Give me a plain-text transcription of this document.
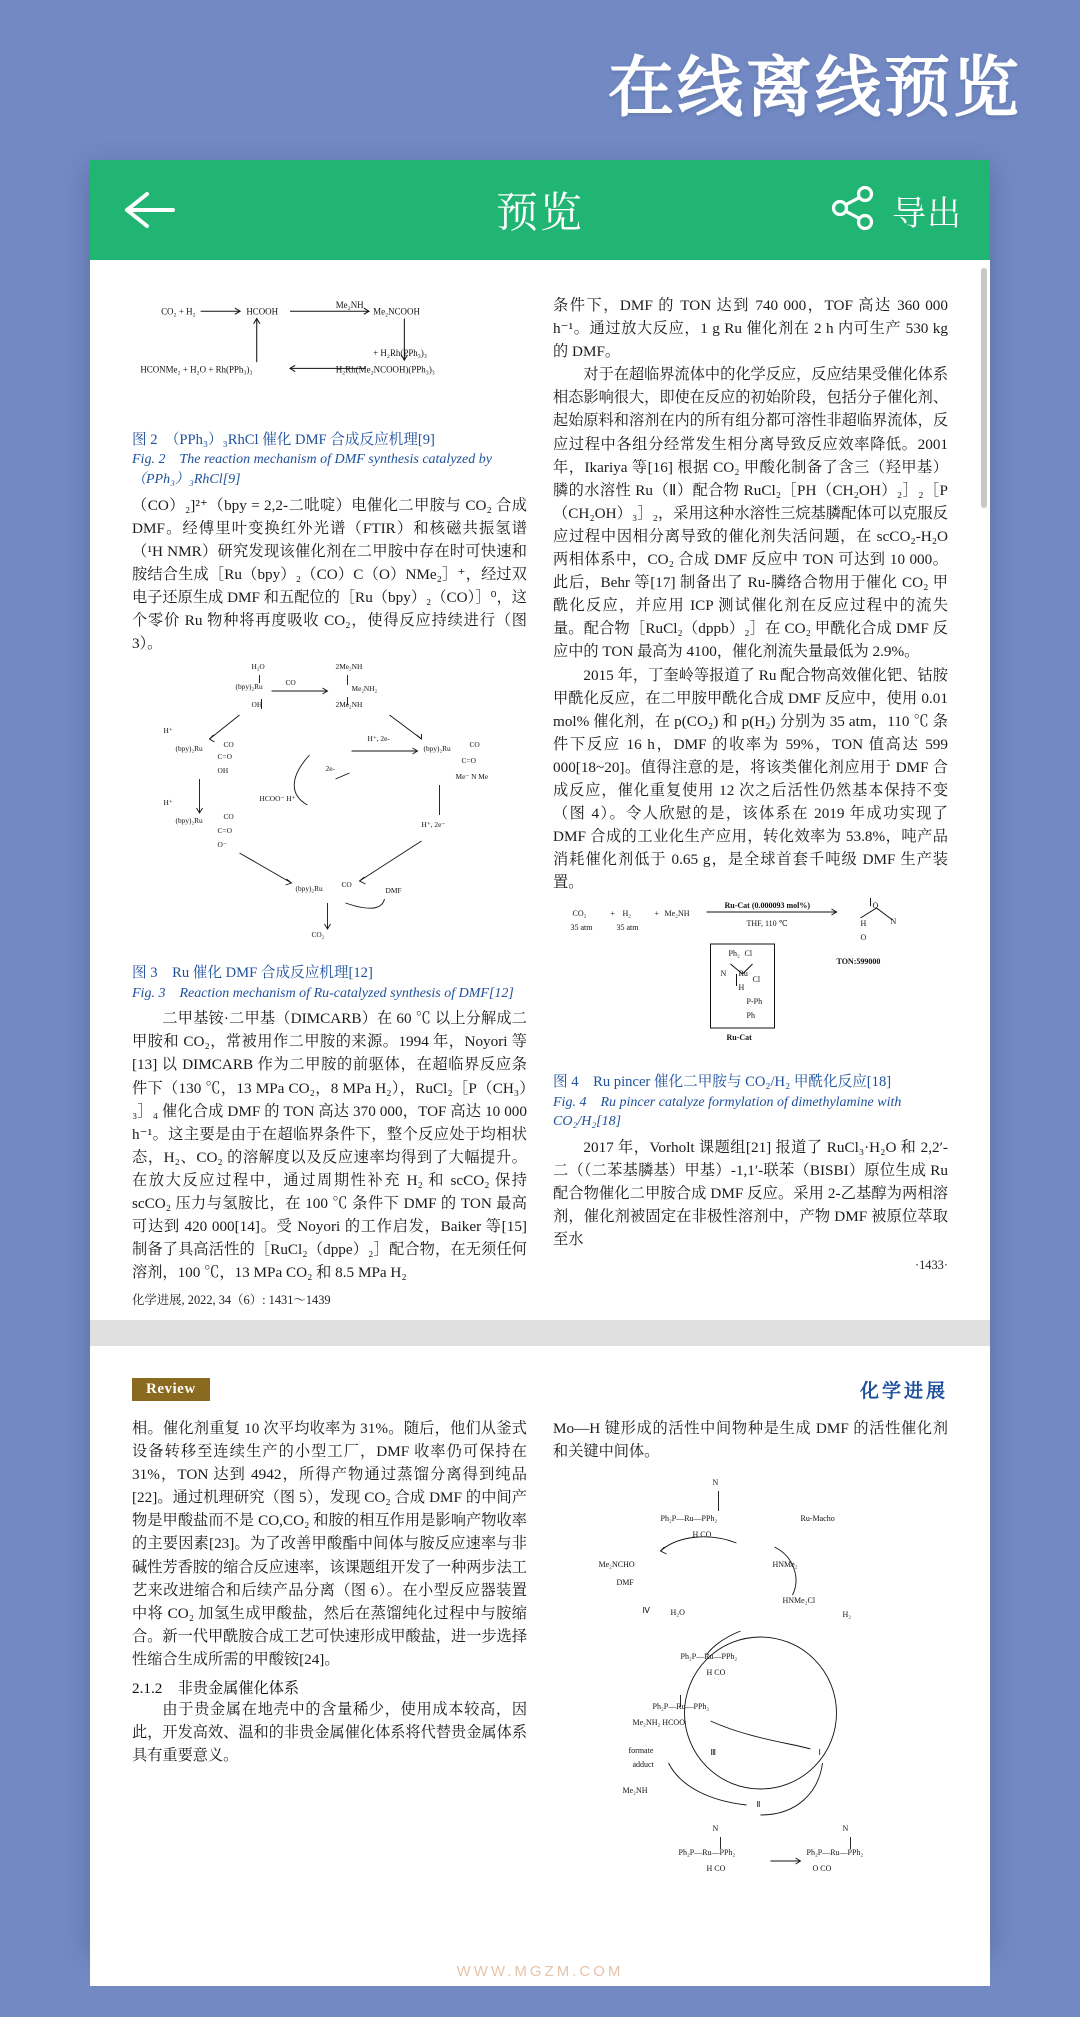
在线离线预览
预览	导出
CO₂ + H₂	HCOOH
Me₂NH
Me₂NCOOH
HCONMe₂ + H₂O + Rh(PPh₃)₃
+ H₂Rh(PPh₃)₃
H₂Rh(Me₂NCOOH)(PPh₃)₃
图 2　（PPh₃）₃RhCl 催化 DMF 合成反应机理[9]
Fig. 2　The reaction mechanism of DMF synthesis catalyzed by（PPh₃）₃RhCl[9]
（CO）₂]²⁺（bpy = 2,2-二吡啶）电催化二甲胺与 CO₂ 合成 DMF。经傅里叶变换红外光谱（FTIR）和核磁共振氢谱（¹H NMR）研究发现该催化剂在二甲胺中存在时可快速和胺结合生成［Ru（bpy）₂（CO）C（O）NMe₂］⁺，经过双电子还原生成 DMF 和五配位的［Ru（bpy）₂（CO）］⁰，这个零价 Ru 物种将再度吸收 CO₂，使得反应持续进行（图 3）。
H₂O
(bpy)₂Ru	CO
OH
2Me₂NH
Me₂NH₂
2Me₂NH
H⁺
(bpy)₂Ru	CO
C=O
OH
H⁺, 2e-
2e-
(bpy)₂Ru	CO
C=O
Me⁻ N Me
H⁺
(bpy)₂Ru	CO
C=O
O⁻
HCOO⁻ H⁺
H⁺, 2e⁻
(bpy)₂Ru	CO
DMF
CO₂
图 3　Ru 催化 DMF 合成反应机理[12]
Fig. 3　Reaction mechanism of Ru-catalyzed synthesis of DMF[12]
二甲基铵·二甲基（DIMCARB）在 60 ℃ 以上分解成二甲胺和 CO₂，常被用作二甲胺的来源。1994 年，Noyori 等[13] 以 DIMCARB 作为二甲胺的前驱体，在超临界反应条件下（130 ℃，13 MPa CO₂，8 MPa H₂），RuCl₂［P（CH₃）₃］₄ 催化合成 DMF 的 TON 高达 370 000，TOF 高达 10 000 h⁻¹。这主要是由于在超临界条件下，整个反应处于均相状态，H₂、CO₂ 的溶解度以及反应速率均得到了大幅提升。在放大反应过程中，通过周期性补充 H₂ 和 scCO₂ 保持 scCO₂ 压力与氢胺比，在 100 ℃ 条件下 DMF 的 TON 最高可达到 420 000[14]。受 Noyori 的工作启发，Baiker 等[15] 制备了具高活性的［RuCl₂（dppe）₂］配合物，在无须任何溶剂，100 ℃，13 MPa CO₂ 和 8.5 MPa H₂
化学进展, 2022, 34（6）: 1431～1439
条件下，DMF 的 TON 达到 740 000，TOF 高达 360 000 h⁻¹。通过放大反应，1 g Ru 催化剂在 2 h 内可生产 530 kg 的 DMF。
对于在超临界流体中的化学反应，反应结果受催化体系相态影响很大，即使在反应的初始阶段，包括分子催化剂、起始原料和溶剂在内的所有组分都可溶性非超临界流体，反应过程中各组分经常发生相分离导致反应效率降低。2001 年，Ikariya 等[16] 根据 CO₂ 甲酸化制备了含三（羟甲基）膦的水溶性 Ru（Ⅱ）配合物 RuCl₂［PH（CH₂OH）₂］₂［P（CH₂OH）₃］₂，采用这种水溶性三烷基膦配体可以克服反应过程中因相分离导致的催化剂失活问题，在 scCO₂-H₂O 两相体系中，CO₂ 合成 DMF 反应中 TON 可达到 10 000。此后，Behr 等[17] 制备出了 Ru-膦络合物用于催化 CO₂ 甲酰化反应，并应用 ICP 测试催化剂在反应过程中的流失量。配合物［RuCl₂（dppb）₂］在 CO₂ 甲酰化合成 DMF 反应中的 TON 最高为 4100，催化剂流失量最低为 2.9%。
2015 年，丁奎岭等报道了 Ru 配合物高效催化钯、钴胺甲酰化反应，在二甲胺甲酰化合成 DMF 反应中，使用 0.01 mol% 催化剂，在 p(CO₂) 和 p(H₂) 分别为 35 atm，110 ℃ 条件下反应 16 h，DMF 的收率为 59%，TON 值高达 599 000[18~20]。值得注意的是，将该类催化剂应用于 DMF 合成反应，催化重复使用 12 次之后活性仍然基本保持不变（图 4）。令人欣慰的是，该体系在 2019 年成功实现了 DMF 合成的工业化生产应用，转化效率为 53.8%，吨产品消耗催化剂低于 0.65 g，是全球首套千吨级 DMF 生产装置。
CO₂	+ H₂	+ Me₂NH
Ru-Cat (0.000093 mol%)
THF, 110 ℃
35 atm	35 atm
O
N
H
O
TON:599000
Ph₂ Cl
N Ru
H
Cl
P-Ph
Ph
Ru-Cat
图 4　Ru pincer 催化二甲胺与 CO₂/H₂ 甲酰化反应[18]
Fig. 4　Ru pincer catalyze formylation of dimethylamine with CO₂/H₂[18]
2017 年，Vorholt 课题组[21] 报道了 RuCl₃·H₂O 和 2,2′-二（（二苯基膦基）甲基）-1,1′-联苯（BISBI）原位生成 Ru 配合物催化二甲胺合成 DMF 反应。采用 2-乙基醇为两相溶剂，催化剂被固定在非极性溶剂中，产物 DMF 被原位萃取至水
·1433·
Review	化学进展
相。催化剂重复 10 次平均收率为 31%。随后，他们从釜式设备转移至连续生产的小型工厂，DMF 收率仍可保持在 31%，TON 达到 4942，所得产物通过蒸馏分离得到纯品[22]。通过机理研究（图 5），发现 CO₂ 合成 DMF 的中间产物是甲酸盐而不是 CO,CO₂ 和胺的相互作用是影响产物收率的主要因素[23]。为了改善甲酸酯中间体与胺反应速率与非碱性芳香胺的缩合反应速率，该课题组开发了一种两步法工艺来改进缩合和后续产品分离（图 6）。在小型反应器装置中将 CO₂ 加氢生成甲酸盐，然后在蒸馏纯化过程中与胺缩合。新一代甲酰胺合成工艺可快速形成甲酸盐，进一步选择性缩合生成所需的甲酸铵[24]。
2.1.2　非贵金属催化体系
由于贵金属在地壳中的含量稀少，使用成本较高，因此，开发高效、温和的非贵金属催化体系将代替贵金属体系具有重要意义。
Mo—H 键形成的活性中间物种是生成 DMF 的活性催化剂和关键中间体。
N
Ph₂P—Ru—PPh₂
H CO
Ru-Macho
Me₂NCHO
DMF
HNMe₂
HNMe₂Cl
Ⅳ	H₂O	H₂
Ph₂P—Ru—PPh₂
H CO
Ph₂P—Ru—PPh₂
Me₂NH₂ HCOO
formate
adduct
Ⅲ	Ⅰ
Me₂NH
Ⅱ
Ph₂P—Ru—PPh₂	Ph₂P—Ru—PPh₂
N	N
H CO	O CO
WWW.MGZM.COM
